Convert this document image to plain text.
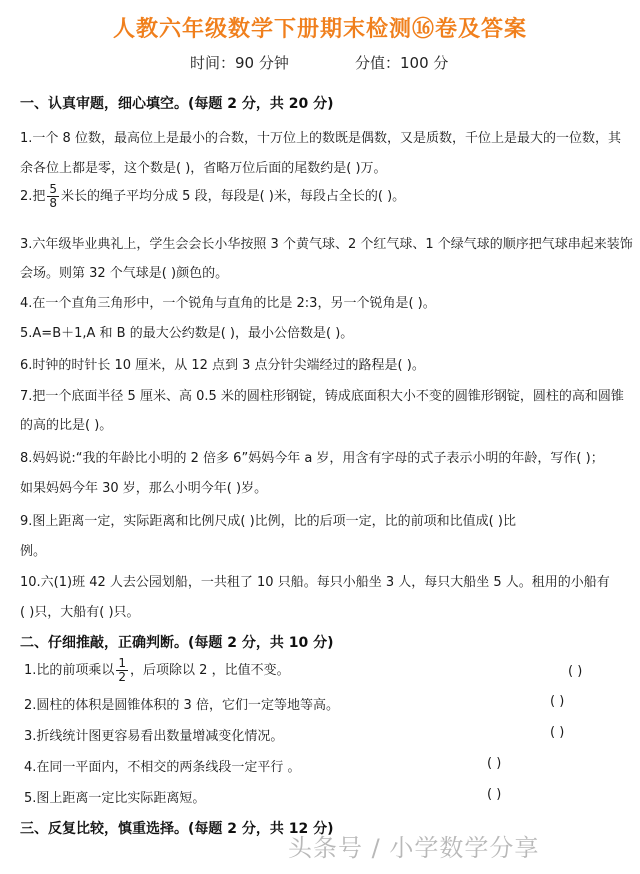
人教六年级数学下册期末检测⑯卷及答案
时间：90 分钟	分值：100 分
一、认真审题，细心填空。(每题 2 分，共 20 分)
1.一个 8 位数，最高位上是最小的合数，十万位上的数既是偶数，又是质数，千位上是最大的一位数，其
余各位上都是零，这个数是( )，省略万位后面的尾数约是( )万。
2.把 $\frac{5}{8}$ 米长的绳子平均分成 5 段，每段是( )米，每段占全长的( )。
3.六年级毕业典礼上，学生会会长小华按照 3 个黄气球、2 个红气球、1 个绿气球的顺序把气球串起来装饰
会场。则第 32 个气球是( )颜色的。
4.在一个直角三角形中，一个锐角与直角的比是 2:3，另一个锐角是( )。
5.A=B＋1,A 和 B 的最大公约数是( )，最小公倍数是( )。
6.时钟的时针长 10 厘米，从 12 点到 3 点分针尖端经过的路程是( )。
7.把一个底面半径 5 厘米、高 0.5 米的圆柱形钢锭，铸成底面积大小不变的圆锥形钢锭，圆柱的高和圆锥
的高的比是( )。
8.妈妈说:“我的年龄比小明的 2 倍多 6”妈妈今年 a 岁，用含有字母的式子表示小明的年龄，写作( )；
如果妈妈今年 30 岁，那么小明今年( )岁。
9.图上距离一定，实际距离和比例尺成( )比例，比的后项一定，比的前项和比值成( )比
例。
10.六(1)班 42 人去公园划船，一共租了 10 只船。每只小船坐 3 人，每只大船坐 5 人。租用的小船有
( )只，大船有( )只。
二、仔细推敲，正确判断。(每题 2 分，共 10 分)
1.比的前项乘以 $\frac{1}{2}$ ，后项除以 2 ，比值不变。	( )
2.圆柱的体积是圆锥体积的 3 倍，它们一定等地等高。	( )
3.折线统计图更容易看出数量增减变化情况。	( )
4.在同一平面内，不相交的两条线段一定平行 。	( )
5.图上距离一定比实际距离短。	( )
三、反复比较，慎重选择。(每题 2 分，共 12 分)
头条号 / 小学数学分享
